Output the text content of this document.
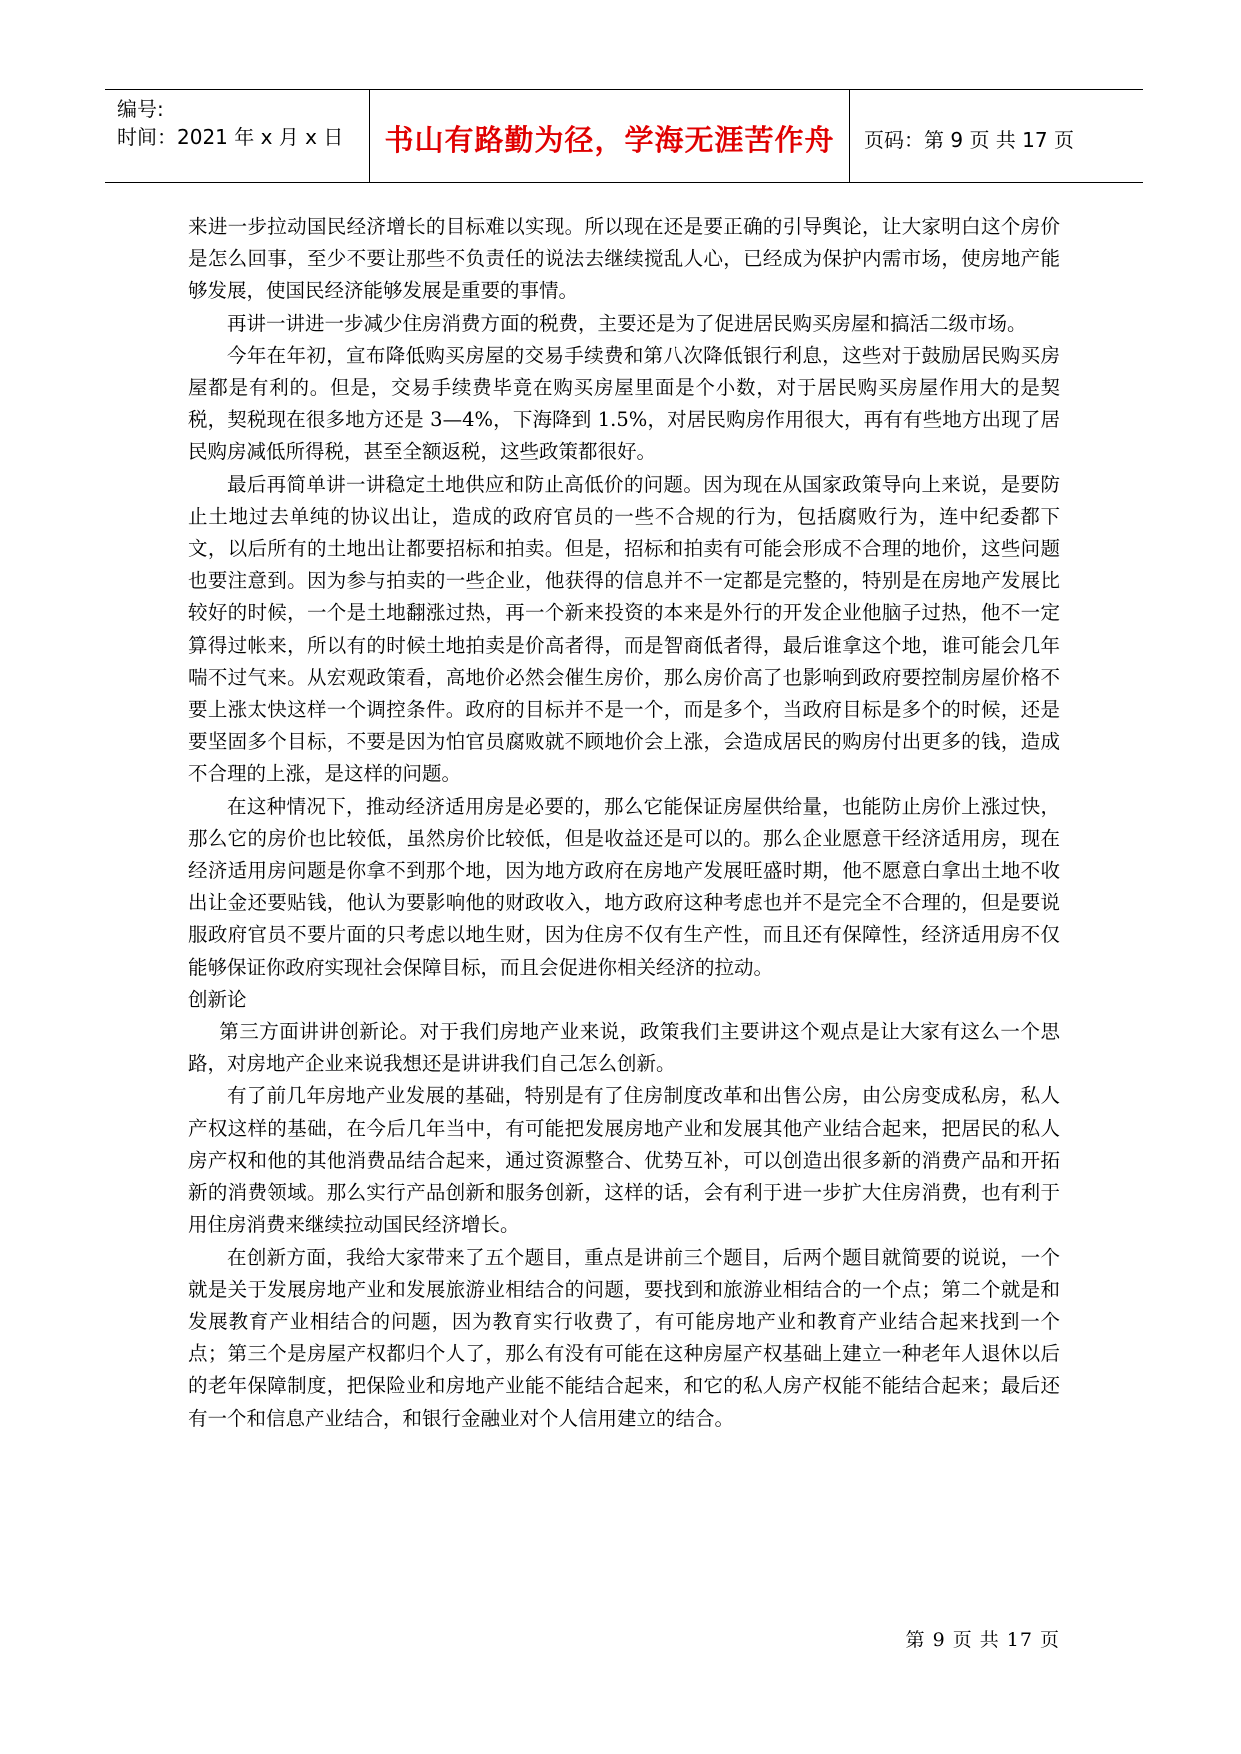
编号:
时间：2021 年 x 月 x 日	书山有路勤为径，学海无涯苦作舟	页码：第 9 页 共 17 页

来进一步拉动国民经济增长的目标难以实现。所以现在还是要正确的引导舆论，让大家明白这个房价是怎么回事，至少不要让那些不负责任的说法去继续搅乱人心，已经成为保护内需市场，使房地产能够发展，使国民经济能够发展是重要的事情。

再讲一讲进一步减少住房消费方面的税费，主要还是为了促进居民购买房屋和搞活二级市场。

今年在年初，宣布降低购买房屋的交易手续费和第八次降低银行利息，这些对于鼓励居民购买房屋都是有利的。但是，交易手续费毕竟在购买房屋里面是个小数，对于居民购买房屋作用大的是契税，契税现在很多地方还是 3—4%，下海降到 1.5%，对居民购房作用很大，再有有些地方出现了居民购房减低所得税，甚至全额返税，这些政策都很好。

最后再简单讲一讲稳定土地供应和防止高低价的问题。因为现在从国家政策导向上来说，是要防止土地过去单纯的协议出让，造成的政府官员的一些不合规的行为，包括腐败行为，连中纪委都下文，以后所有的土地出让都要招标和拍卖。但是，招标和拍卖有可能会形成不合理的地价，这些问题也要注意到。因为参与拍卖的一些企业，他获得的信息并不一定都是完整的，特别是在房地产发展比较好的时候，一个是土地翻涨过热，再一个新来投资的本来是外行的开发企业他脑子过热，他不一定算得过帐来，所以有的时候土地拍卖是价高者得，而是智商低者得，最后谁拿这个地，谁可能会几年喘不过气来。从宏观政策看，高地价必然会催生房价，那么房价高了也影响到政府要控制房屋价格不要上涨太快这样一个调控条件。政府的目标并不是一个，而是多个，当政府目标是多个的时候，还是要坚固多个目标，不要是因为怕官员腐败就不顾地价会上涨，会造成居民的购房付出更多的钱，造成不合理的上涨，是这样的问题。

在这种情况下，推动经济适用房是必要的，那么它能保证房屋供给量，也能防止房价上涨过快，那么它的房价也比较低，虽然房价比较低，但是收益还是可以的。那么企业愿意干经济适用房，现在经济适用房问题是你拿不到那个地，因为地方政府在房地产发展旺盛时期，他不愿意白拿出土地不收出让金还要贴钱，他认为要影响他的财政收入，地方政府这种考虑也并不是完全不合理的，但是要说服政府官员不要片面的只考虑以地生财，因为住房不仅有生产性，而且还有保障性，经济适用房不仅能够保证你政府实现社会保障目标，而且会促进你相关经济的拉动。

创新论

第三方面讲讲创新论。对于我们房地产业来说，政策我们主要讲这个观点是让大家有这么一个思路，对房地产企业来说我想还是讲讲我们自己怎么创新。

有了前几年房地产业发展的基础，特别是有了住房制度改革和出售公房，由公房变成私房，私人产权这样的基础，在今后几年当中，有可能把发展房地产业和发展其他产业结合起来，把居民的私人房产权和他的其他消费品结合起来，通过资源整合、优势互补，可以创造出很多新的消费产品和开拓新的消费领域。那么实行产品创新和服务创新，这样的话，会有利于进一步扩大住房消费，也有利于用住房消费来继续拉动国民经济增长。

在创新方面，我给大家带来了五个题目，重点是讲前三个题目，后两个题目就简要的说说，一个就是关于发展房地产业和发展旅游业相结合的问题，要找到和旅游业相结合的一个点；第二个就是和发展教育产业相结合的问题，因为教育实行收费了，有可能房地产业和教育产业结合起来找到一个点；第三个是房屋产权都归个人了，那么有没有可能在这种房屋产权基础上建立一种老年人退休以后的老年保障制度，把保险业和房地产业能不能结合起来，和它的私人房产权能不能结合起来；最后还有一个和信息产业结合，和银行金融业对个人信用建立的结合。

第 9 页 共 17 页
